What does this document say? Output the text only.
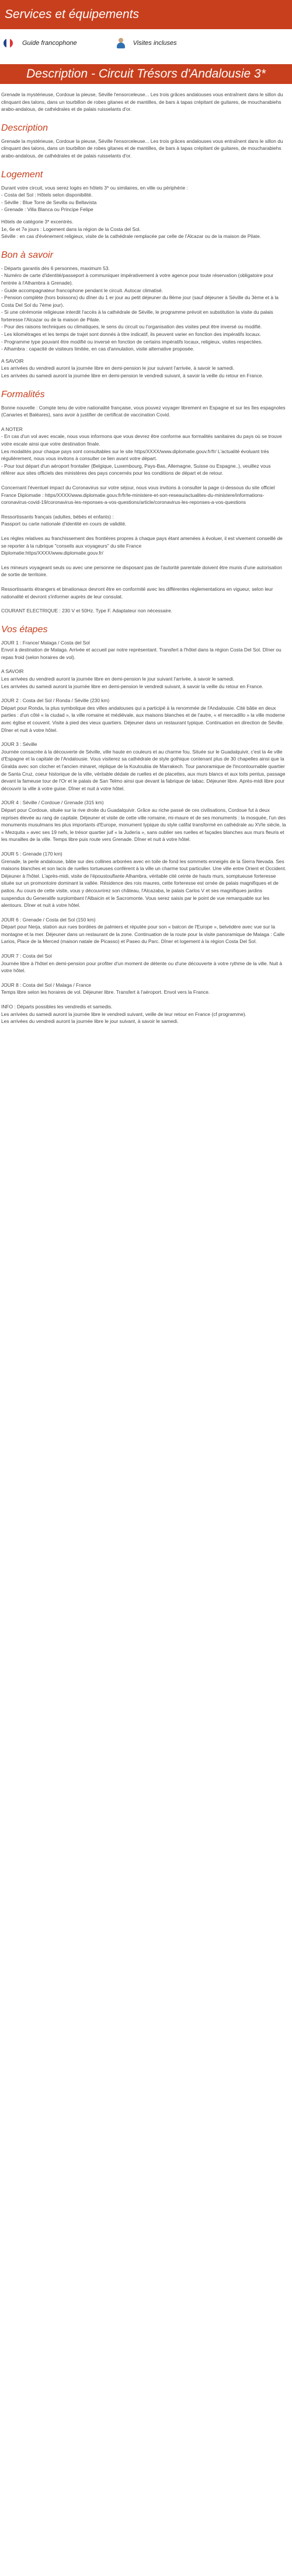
Services et équipements
Guide francophone	Visites incluses
Description - Circuit Trésors d'Andalousie 3*

Grenade la mystérieuse, Cordoue la pieuse, Séville l'ensorceleuse... Les trois grâces andalouses vous entraînent dans le sillon du clinquant des talons, dans un tourbillon de robes gitanes et de mantilles, de bars à tapas crépitant de guitares, de moucharabiehs arabo-andalous, de cathédrales et de palais ruisselants d'or.

Description

Grenade la mystérieuse, Cordoue la pieuse, Séville l'ensorceleuse... Les trois grâces andalouses vous entraînent dans le sillon du clinquant des talons, dans un tourbillon de robes gitanes et de mantilles, de bars à tapas crépitant de guitares, de moucharabiehs arabo-andalous, de cathédrales et de palais ruisselants d'or.

Logement

Durant votre circuit, vous serez logés en hôtels 3* ou similaires, en ville ou périphérie :
- Costa del Sol : Hôtels selon disponibilité.
- Séville : Blue Torre de Sevilla ou Bellavista
- Grenade : Villa Blanca ou Principe Felipe

Hôtels de catégorie 3* excentrés.
1e, 6e et 7e jours : Logement dans la région de la Costa del Sol.
Séville : en cas d'évènement religieux, visite de la cathédrale remplacée par celle de l'Alcazar ou de la maison de Pilate.

Bon à savoir

- Départs garantis dès 6 personnes, maximum 53.
- Numéro de carte d'identité/passeport à communiquer impérativement à votre agence pour toute réservation (obligatoire pour l'entrée à l'Alhambra à Grenade).
- Guide accompagnateur francophone pendant le circuit. Autocar climatisé.
- Pension complète (hors boissons) du dîner du 1 er jour au petit déjeuner du 8ème jour (sauf déjeuner à Séville du 3ème et à la Costa Del Sol du 7ème jour).
- Si une cérémonie religieuse interdit l'accès à la cathédrale de Séville, le programme prévoit en substitution la visite du palais forteresse l'Alcazar ou de la maison de Pilate.
- Pour des raisons techniques ou climatiques, le sens du circuit ou l'organisation des visites peut être inversé ou modifié.
- Les kilométrages et les temps de trajet sont donnés à titre indicatif, ils peuvent varier en fonction des impératifs locaux.
- Programme type pouvant être modifié ou inversé en fonction de certains impératifs locaux, religieux, visites respectées.
- Alhambra : capacité de visiteurs limitée, en cas d'annulation, visite alternative proposée.

A SAVOIR
Les arrivées du vendredi auront la journée libre en demi-pension le jour suivant l'arrivée, à savoir le samedi.
Les arrivées du samedi auront la journée libre en demi-pension le vendredi suivant, à savoir la veille du retour en France.

Formalités

Bonne nouvelle : Compte tenu de votre nationalité française, vous pouvez voyager librement en Espagne et sur les îles espagnoles (Canaries et Baléares), sans avoir à justifier de certificat de vaccination Covid.

A NOTER
- En cas d'un vol avec escale, nous vous informons que vous devrez être conforme aux formalités sanitaires du pays où se trouve votre escale ainsi que votre destination finale.
Les modalités pour chaque pays sont consultables sur le site https/XXXX/www.diplomatie.gouv.fr/fr/ L'actualité évoluant très régulièrement, nous vous invitons à consulter ce lien avant votre départ.
- Pour tout départ d'un aéroport frontalier (Belgique, Luxembourg, Pays-Bas, Allemagne, Suisse ou Espagne..), veuillez vous référer aux sites officiels des ministères des pays concernés pour les conditions de départ et de retour.

Concernant l'éventuel impact du Coronavirus sur votre séjour, nous vous invitons à consulter la page ci-dessous du site officiel France Diplomatie : https/XXXX/www.diplomatie.gouv.fr/fr/le-ministere-et-son-reseau/actualites-du-ministere/informations-coronavirus-covid-19/coronavirus-les-reponses-a-vos-questions/article/coronavirus-les-reponses-a-vos-questions

Ressortissants français (adultes, bébés et enfants) :
Passport ou carte nationale d'identité en cours de validité.

Les règles relatives au franchissement des frontières propres à chaque pays étant amenées à évoluer, il est vivement conseillé de se reporter à la rubrique "conseils aux voyageurs" du site France
Diplomatie:https/XXXX/www.diplomatie.gouv.fr/

Les mineurs voyageant seuls ou avec une personne ne disposant pas de l'autorité parentale doivent être munis d'une autorisation de sortie de territoire.

Ressortissants étrangers et binationaux devront être en conformité avec les différentes réglementations en vigueur, selon leur nationalité et devront s'informer auprès de leur consulat.

COURANT ELECTRIQUE : 230 V et 50Hz. Type F. Adaptateur non nécessaire.

Vos étapes

JOUR 1 : France/ Malaga / Costa del Sol
Envol à destination de Malaga. Arrivée et accueil par notre représentant. Transfert à l'hôtel dans la région Costa Del Sol. Dîner ou repas froid (selon horaires de vol).

A SAVOIR
Les arrivées du vendredi auront la journée libre en demi-pension le jour suivant l'arrivée, à savoir le samedi.
Les arrivées du samedi auront la journée libre en demi-pension le vendredi suivant, à savoir la veille du retour en France.

JOUR 2 : Costa del Sol / Ronda / Séville (230 km)
Départ pour Ronda, la plus symbolique des villes andalouses qui a participé à la renommée de l'Andalousie. Cité bâtie en deux parties : d'un côté « la ciudad », la ville romaine et médiévale, aux maisons blanches et de l'autre, « el mercadillo » la ville moderne avec église et couvent. Visite à pied des vieux quartiers. Déjeuner dans un restaurant typique. Continuation en direction de Séville. Dîner et nuit à votre hôtel.

JOUR 3 : Séville
Journée consacrée à la découverte de Séville, ville haute en couleurs et au charme fou. Située sur le Guadalquivir, c'est la 4e ville d'Espagne et la capitale de l'Andalousie. Vous visiterez sa cathédrale de style gothique contenant plus de 30 chapelles ainsi que la Giralda avec son clocher et l'ancien minaret, réplique de la Koutoubia de Marrakech. Tour panoramique de l'incontournable quartier de Santa Cruz, coeur historique de la ville, véritable dédale de ruelles et de placettes, aux murs blancs et aux toits pentus, passage devant la fameuse tour de l'Or et le palais de San Telmo ainsi que devant la fabrique de tabac. Déjeuner libre. Après-midi libre pour découvrir la ville à votre guise. Dîner et nuit à votre hôtel.

JOUR 4 : Séville / Cordoue / Grenade (315 km)
Départ pour Cordoue, située sur la rive droite du Guadalquivir. Grâce au riche passé de ces civilisations, Cordoue fut à deux reprises élevée au rang de capitale. Déjeuner et visite de cette ville romaine, mi-maure et de ses monuments : la mosquée, l'un des monuments musulmans les plus importants d'Europe, monument typique du style califal transformé en cathédrale au XVIe siècle, la « Mezquita » avec ses 19 nefs, le trésor quartier juif « la Judería », sans oublier ses ruelles et façades blanches aux murs fleuris et les murailles de la ville. Temps libre puis route vers Grenade. Dîner et nuit à votre hôtel.

JOUR 5 : Grenade (170 km)
Grenade, la perle andalouse, bâtie sur des collines arborées avec en toile de fond les sommets enneigés de la Sierra Nevada. Ses maisons blanches et son lacis de ruelles tortueuses confèrent à la ville un charme tout particulier. Une ville entre Orient et Occident. Déjeuner à l'hôtel. L'après-midi, visite de l'époustouflante Alhambra, véritable cité ceinte de hauts murs, somptueuse forteresse située sur un promontoire dominant la vallée. Résidence des rois maures, cette forteresse est ornée de palais magnifiques et de patios. Au cours de cette visite, vous y découvrirez son château, l'Alcazaba, le palais Carlos V et ses magnifiques jardins suspendus du Generalife surplombant l'Albaicin et le Sacromonte. Vous serez saisis par le point de vue remarquable sur les alentours. Dîner et nuit à votre hôtel.

JOUR 6 : Grenade / Costa del Sol (150 km)
Départ pour Nerja, station aux rues bordées de palmiers et réputée pour son « balcon de l'Europe », belvédère avec vue sur la montagne et la mer. Déjeuner dans un restaurant de la zone. Continuation de la route pour la visite panoramique de Malaga : Calle Larios, Place de la Merced (maison natale de Picasso) et Paseo du Parc. Dîner et logement à la région Costa Del Sol.

JOUR 7 : Costa del Sol
Journée libre à l'hôtel en demi-pension pour profiter d'un moment de détente ou d'une découverte à votre rythme de la ville. Nuit à votre hôtel.

JOUR 8 : Costa del Sol / Malaga / France
Temps libre selon les horaires de vol. Déjeuner libre. Transfert à l'aéroport. Envol vers la France.

INFO : Départs possibles les vendredis et samedis.
Les arrivées du samedi auront la journée libre le vendredi suivant, veille de leur retour en France (cf programme).
Les arrivées du vendredi auront la journée libre le jour suivant, à savoir le samedi.
